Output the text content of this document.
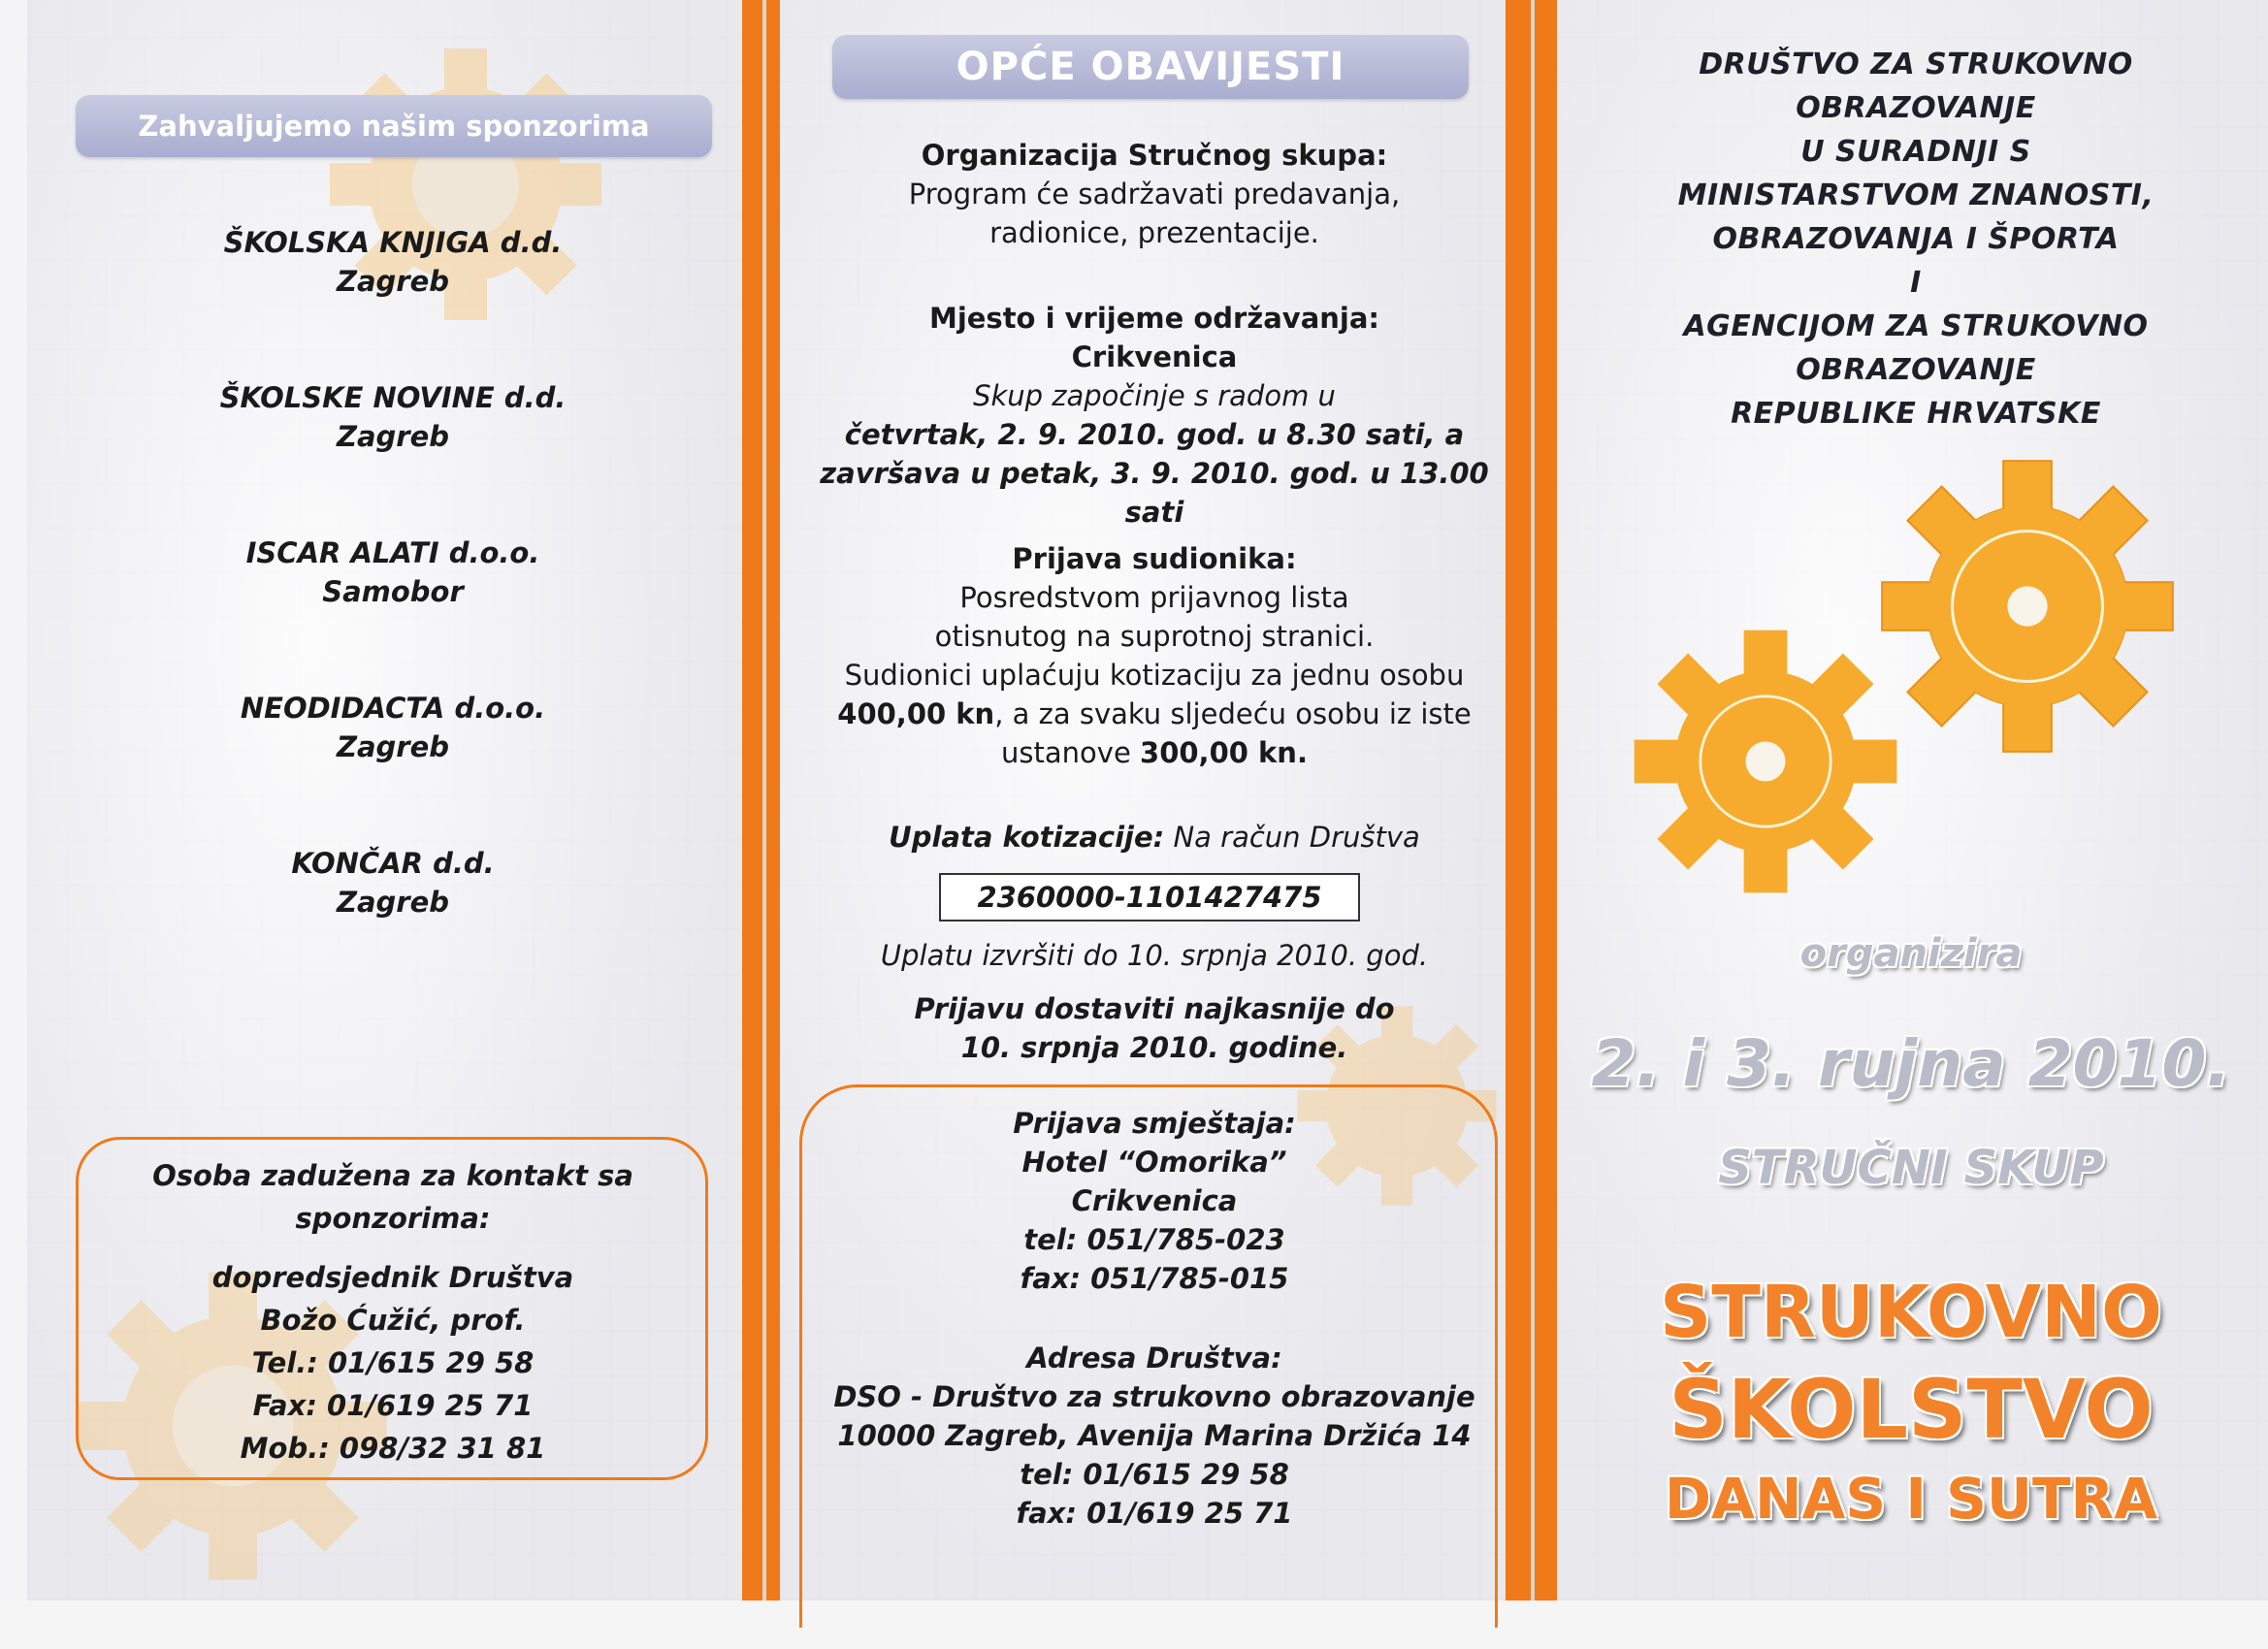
Zahvaljujemo našim sponzorima
ŠKOLSKA KNJIGA d.d.
Zagreb
ŠKOLSKE NOVINE d.d.
Zagreb
ISCAR ALATI d.o.o.
Samobor
NEODIDACTA d.o.o.
Zagreb
KONČAR d.d.
Zagreb
Osoba zadužena za kontakt sa
sponzorima:
dopredsjednik Društva
Božo Ćužić, prof.
Tel.: 01/615 29 58
Fax: 01/619 25 71
Mob.: 098/32 31 81
OPĆE OBAVIJESTI
Organizacija Stručnog skupa:
Program će sadržavati predavanja,
radionice, prezentacije.
Mjesto i vrijeme održavanja:
Crikvenica
Skup započinje s radom u
četvrtak, 2. 9. 2010. god. u 8.30 sati, a
završava u petak, 3. 9. 2010. god. u 13.00 sati
Prijava sudionika:
Posredstvom prijavnog lista
otisnutog na suprotnoj stranici.
Sudionici uplaćuju kotizaciju za jednu osobu
400,00 kn, a za svaku sljedeću osobu iz iste
ustanove 300,00 kn.
Uplata kotizacije: Na račun Društva
2360000-1101427475
Uplatu izvršiti do 10. srpnja 2010. god.
Prijavu dostaviti najkasnije do
10. srpnja 2010. godine.
Prijava smještaja:
Hotel “Omorika”
Crikvenica
tel: 051/785-023
fax: 051/785-015
Adresa Društva:
DSO - Društvo za strukovno obrazovanje
10000 Zagreb, Avenija Marina Držića 14
tel: 01/615 29 58
fax: 01/619 25 71
DRUŠTVO ZA STRUKOVNO
OBRAZOVANJE
U SURADNJI S
MINISTARSTVOM ZNANOSTI,
OBRAZOVANJA I ŠPORTA
I
AGENCIJOM ZA STRUKOVNO
OBRAZOVANJE
REPUBLIKE HRVATSKE
organizira
2. i 3. rujna 2010.
STRUČNI SKUP
STRUKOVNO
ŠKOLSTVO
DANAS I SUTRA
